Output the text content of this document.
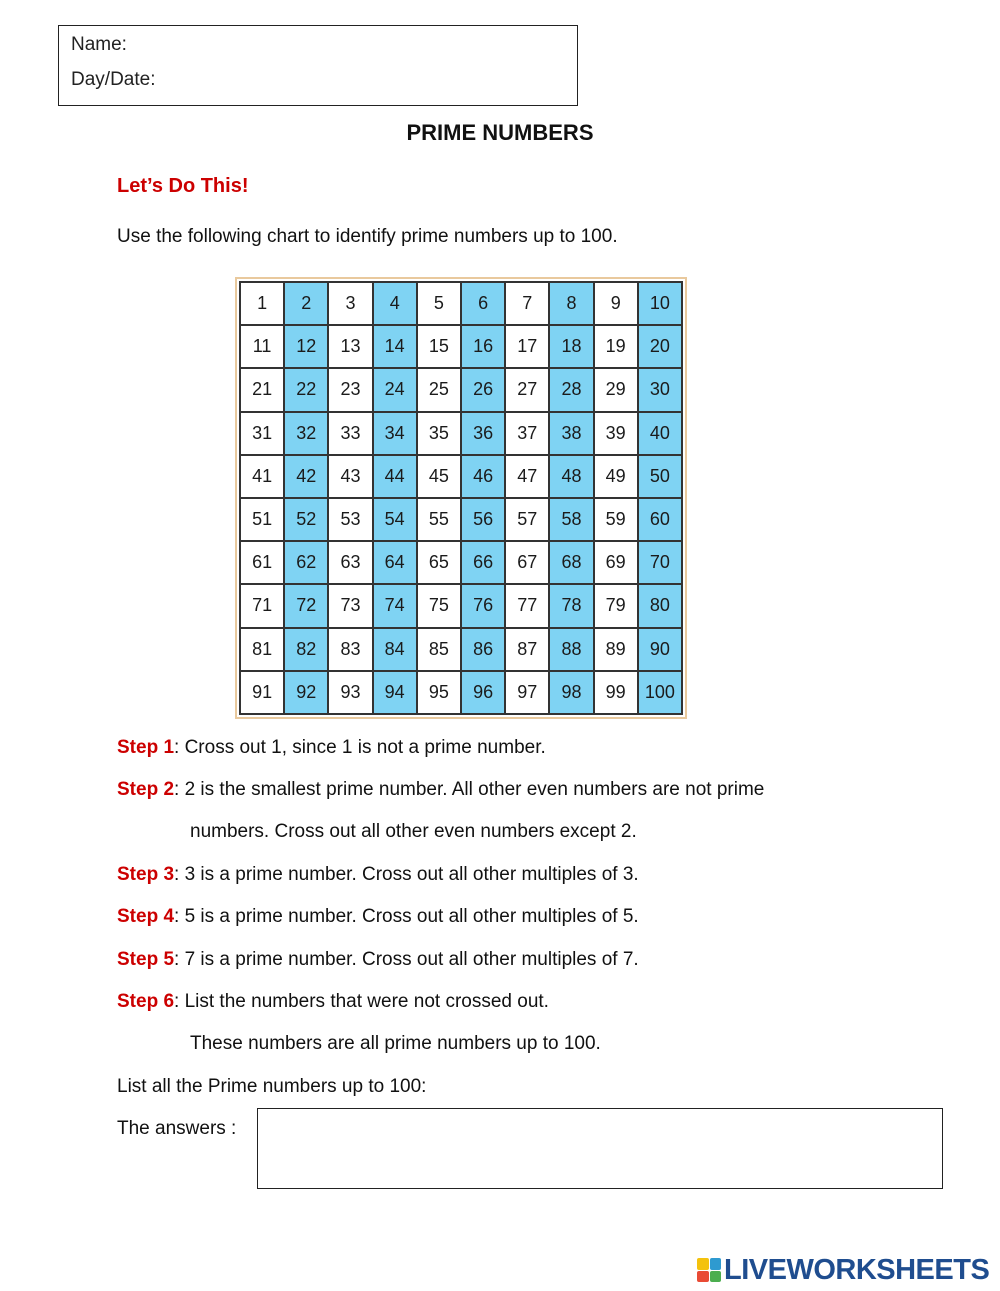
Name:
Day/Date:
PRIME NUMBERS
Let’s Do This!
Use the following chart to identify prime numbers up to 100.
1	2	3	4	5	6	7	8	9	10
11	12	13	14	15	16	17	18	19	20
21	22	23	24	25	26	27	28	29	30
31	32	33	34	35	36	37	38	39	40
41	42	43	44	45	46	47	48	49	50
51	52	53	54	55	56	57	58	59	60
61	62	63	64	65	66	67	68	69	70
71	72	73	74	75	76	77	78	79	80
81	82	83	84	85	86	87	88	89	90
91	92	93	94	95	96	97	98	99	100
Step 1: Cross out 1, since 1 is not a prime number.
Step 2: 2 is the smallest prime number. All other even numbers are not prime
numbers. Cross out all other even numbers except 2.
Step 3: 3 is a prime number. Cross out all other multiples of 3.
Step 4: 5 is a prime number. Cross out all other multiples of 5.
Step 5: 7 is a prime number. Cross out all other multiples of 7.
Step 6: List the numbers that were not crossed out.
These numbers are all prime numbers up to 100.
List all the Prime numbers up to 100:
The answers :
LIVEWORKSHEETS
